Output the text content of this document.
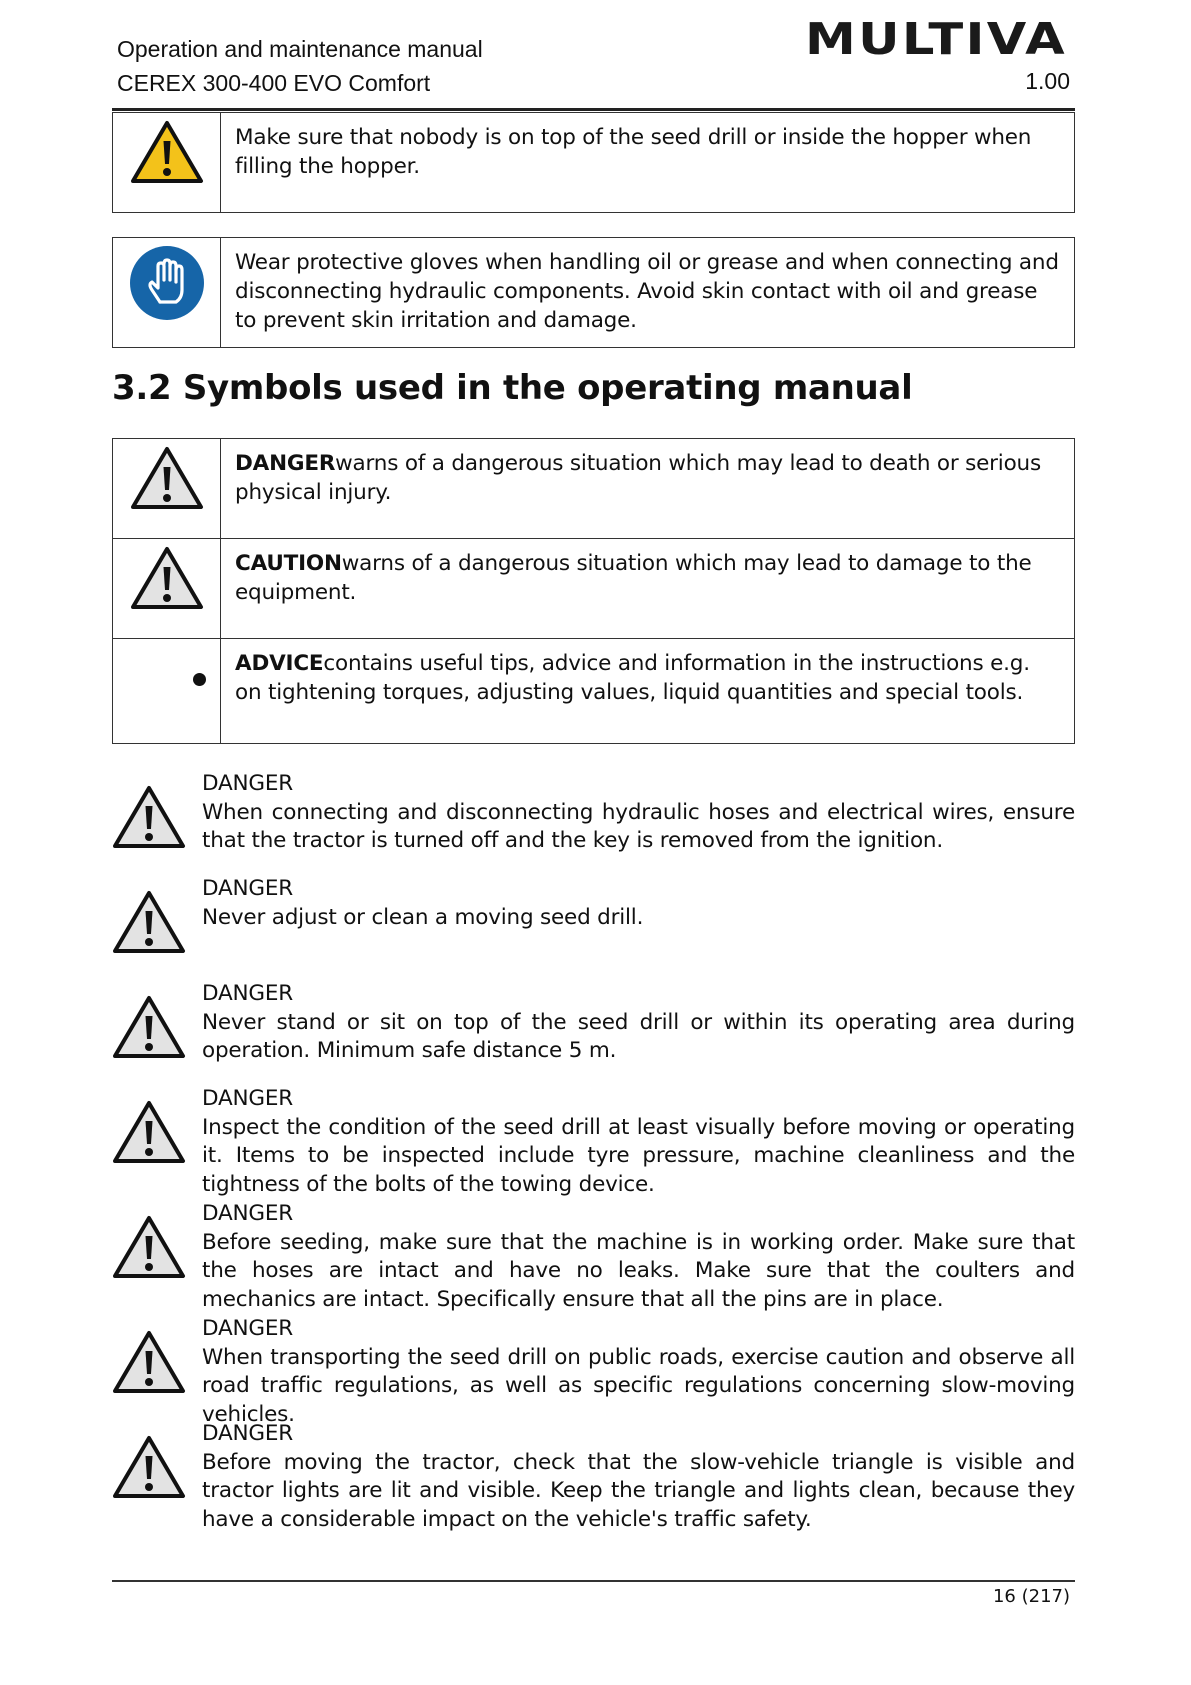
Operation and maintenance manual
CEREX 300-400 EVO Comfort
MULTIVA
1.00
Make sure that nobody is on top of the seed drill or inside the hopper when filling the hopper.
Wear protective gloves when handling oil or grease and when connecting and disconnecting hydraulic components. Avoid skin contact with oil and grease to prevent skin irritation and damage.
3.2 Symbols used in the operating manual
DANGERwarns of a dangerous situation which may lead to death or serious physical injury.
CAUTIONwarns of a dangerous situation which may lead to damage to the equipment.
ADVICEcontains useful tips, advice and information in the instructions e.g. on tightening torques, adjusting values, liquid quantities and special tools.
DANGER
When connecting and disconnecting hydraulic hoses and electrical wires, ensure that the tractor is turned off and the key is removed from the ignition.
DANGER
Never adjust or clean a moving seed drill.
DANGER
Never stand or sit on top of the seed drill or within its operating area during operation. Minimum safe distance 5 m.
DANGER
Inspect the condition of the seed drill at least visually before moving or operating it. Items to be inspected include tyre pressure, machine cleanliness and the tightness of the bolts of the towing device.
DANGER
Before seeding, make sure that the machine is in working order. Make sure that the hoses are intact and have no leaks. Make sure that the coulters and mechanics are intact. Specifically ensure that all the pins are in place.
DANGER
When transporting the seed drill on public roads, exercise caution and observe all road traffic regulations, as well as specific regulations concerning slow-moving vehicles.
DANGER
Before moving the tractor, check that the slow-vehicle triangle is visible and tractor lights are lit and visible. Keep the triangle and lights clean, because they have a considerable impact on the vehicle's traffic safety.
16 (217)
